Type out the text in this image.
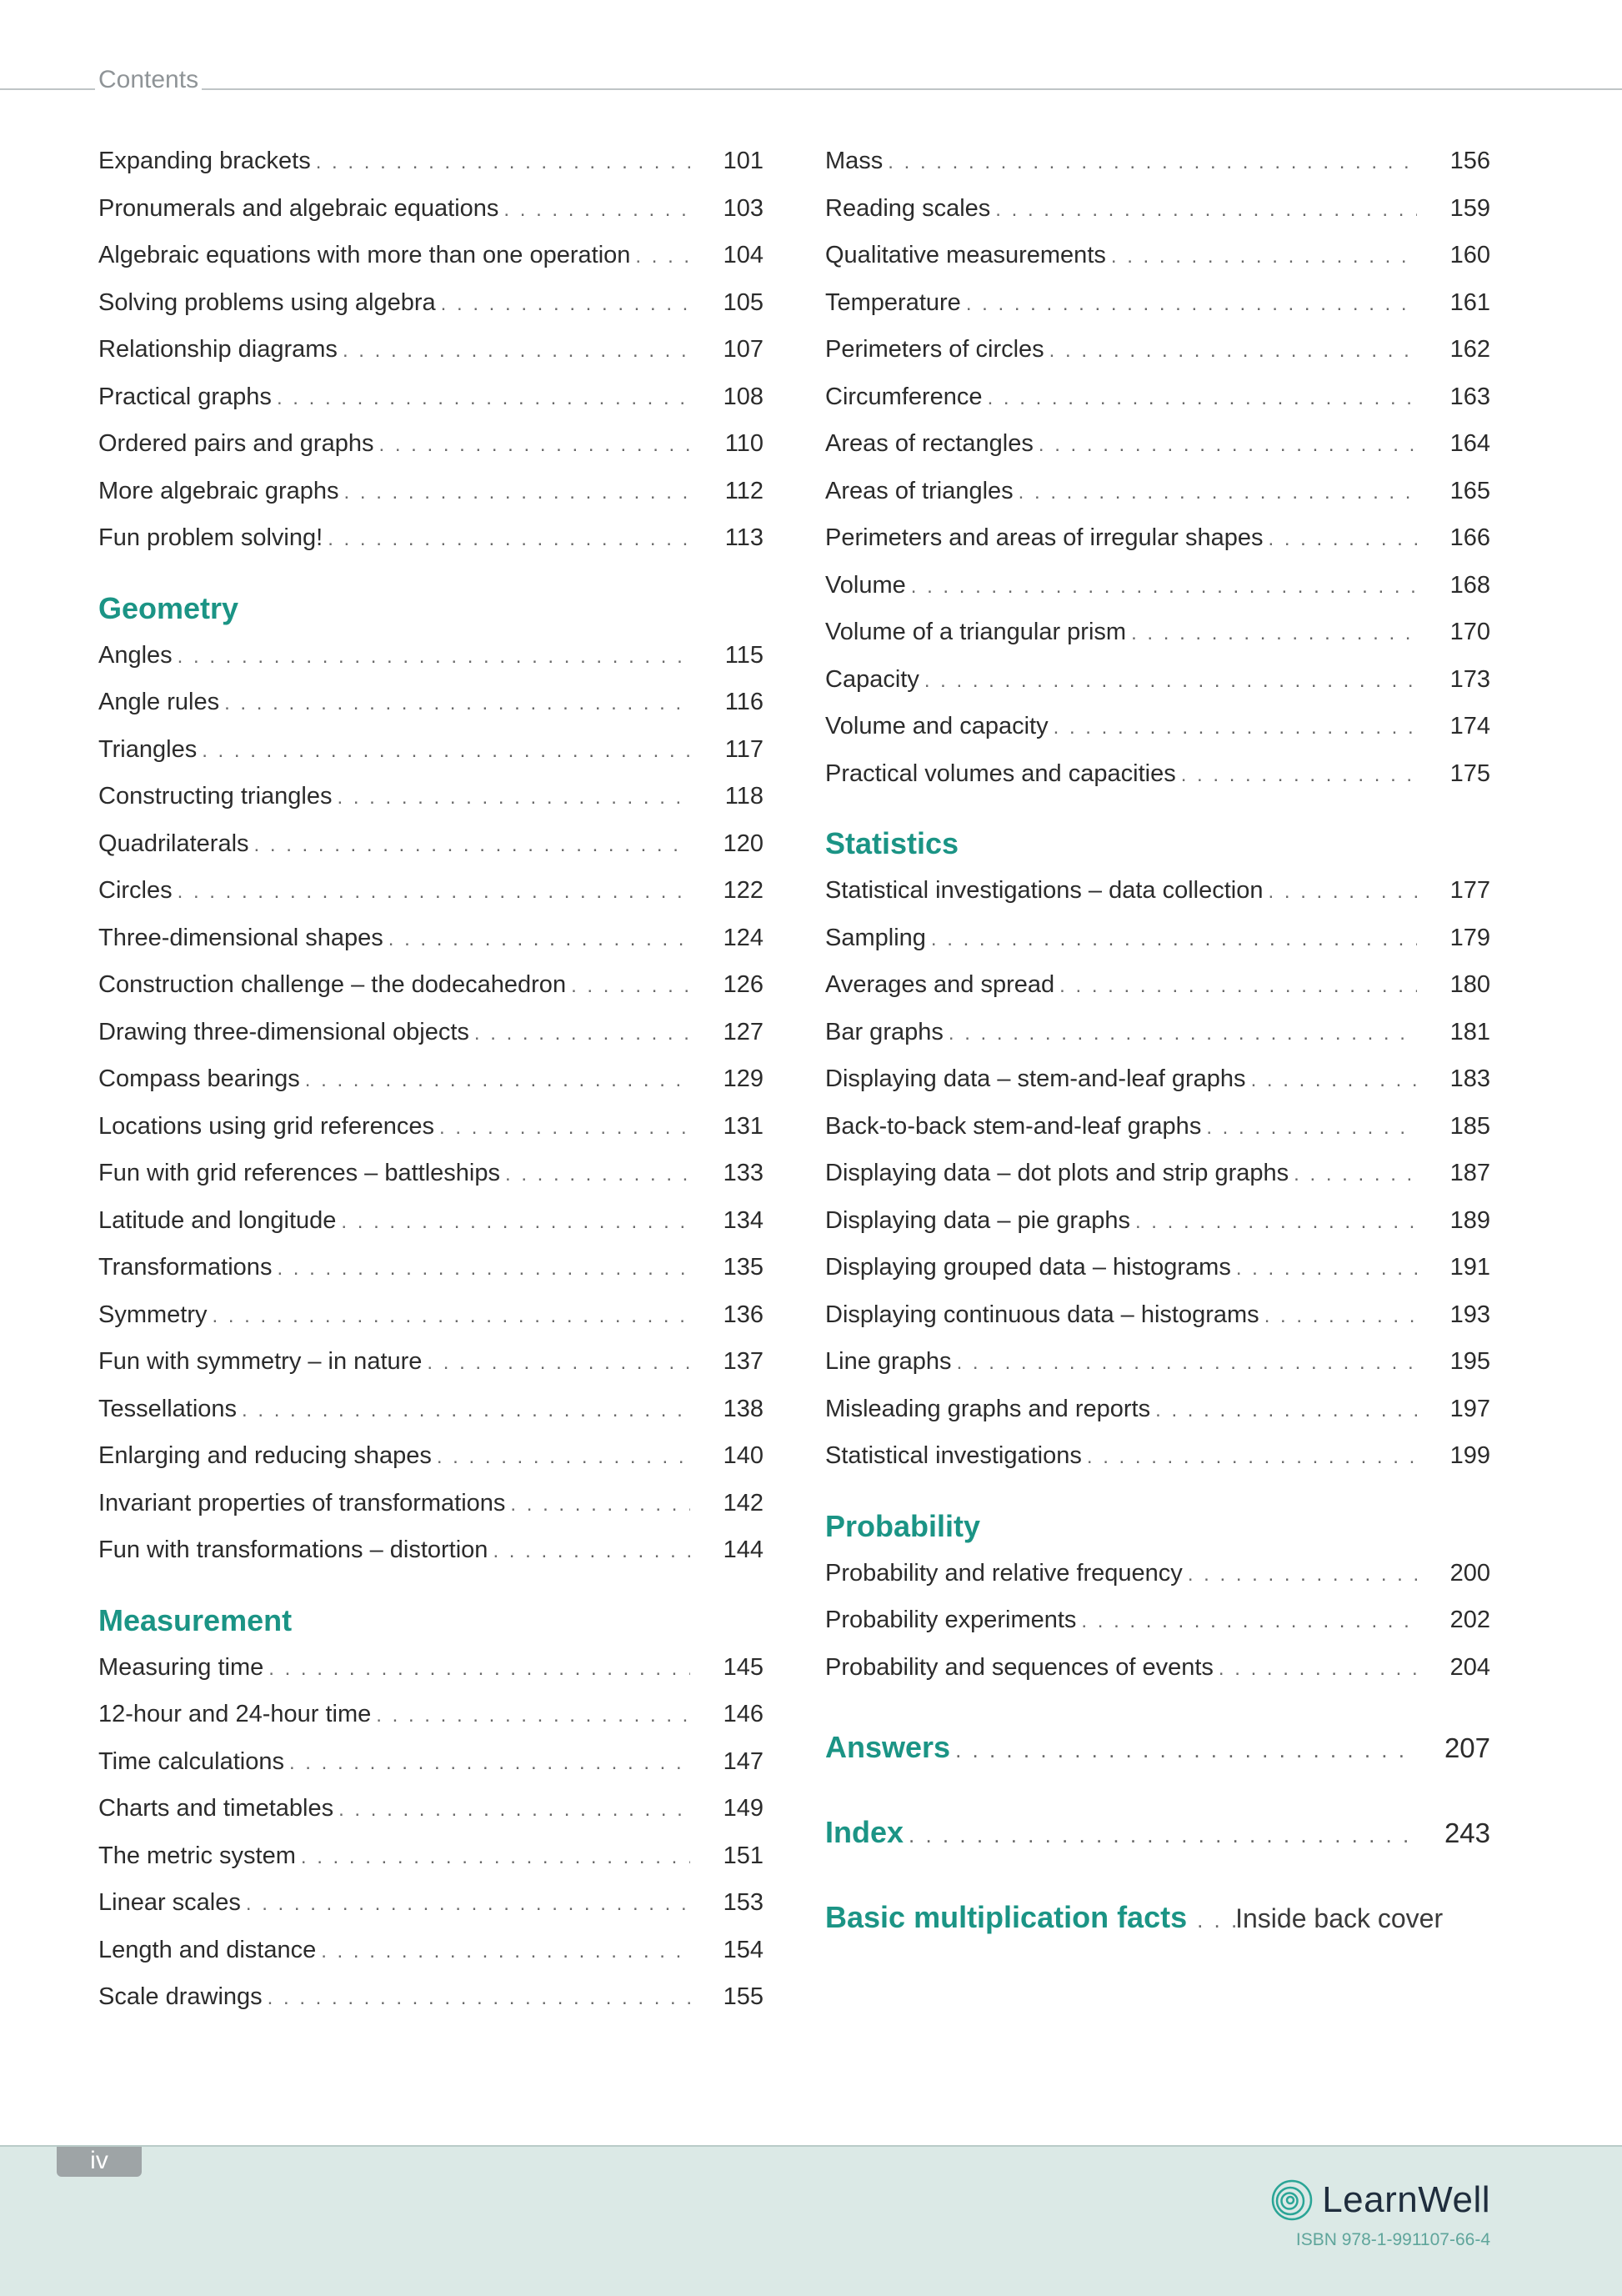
Contents
Expanding brackets . . .	101
Pronumerals and algebraic equations . . .	103
Algebraic equations with more than one operation . . .	104
Solving problems using algebra . . .	105
Relationship diagrams . . .	107
Practical graphs . . .	108
Ordered pairs and graphs . . .	110
More algebraic graphs . . .	112
Fun problem solving! . . .	113
Geometry
Angles . . .	115
Angle rules . . .	116
Triangles . . .	117
Constructing triangles . . .	118
Quadrilaterals . . .	120
Circles . . .	122
Three-dimensional shapes . . .	124
Construction challenge – the dodecahedron . . .	126
Drawing three-dimensional objects . . .	127
Compass bearings . . .	129
Locations using grid references . . .	131
Fun with grid references – battleships . . .	133
Latitude and longitude . . .	134
Transformations . . .	135
Symmetry . . .	136
Fun with symmetry – in nature . . .	137
Tessellations . . .	138
Enlarging and reducing shapes . . .	140
Invariant properties of transformations . . .	142
Fun with transformations – distortion . . .	144
Measurement
Measuring time . . .	145
12-hour and 24-hour time . . .	146
Time calculations . . .	147
Charts and timetables . . .	149
The metric system . . .	151
Linear scales . . .	153
Length and distance . . .	154
Scale drawings . . .	155
Mass . . .	156
Reading scales . . .	159
Qualitative measurements . . .	160
Temperature . . .	161
Perimeters of circles . . .	162
Circumference . . .	163
Areas of rectangles . . .	164
Areas of triangles . . .	165
Perimeters and areas of irregular shapes . . .	166
Volume . . .	168
Volume of a triangular prism . . .	170
Capacity . . .	173
Volume and capacity . . .	174
Practical volumes and capacities . . .	175
Statistics
Statistical investigations – data collection . . .	177
Sampling . . .	179
Averages and spread . . .	180
Bar graphs . . .	181
Displaying data – stem-and-leaf graphs . . .	183
Back-to-back stem-and-leaf graphs . . .	185
Displaying data – dot plots and strip graphs . . .	187
Displaying data – pie graphs . . .	189
Displaying grouped data – histograms . . .	191
Displaying continuous data – histograms . . .	193
Line graphs . . .	195
Misleading graphs and reports . . .	197
Statistical investigations . . .	199
Probability
Probability and relative frequency . . .	200
Probability experiments . . .	202
Probability and sequences of events . . .	204
Answers . . .	207
Index . . .	243
Basic multiplication facts . . . Inside back cover
iv
LearnWell
ISBN 978-1-991107-66-4
